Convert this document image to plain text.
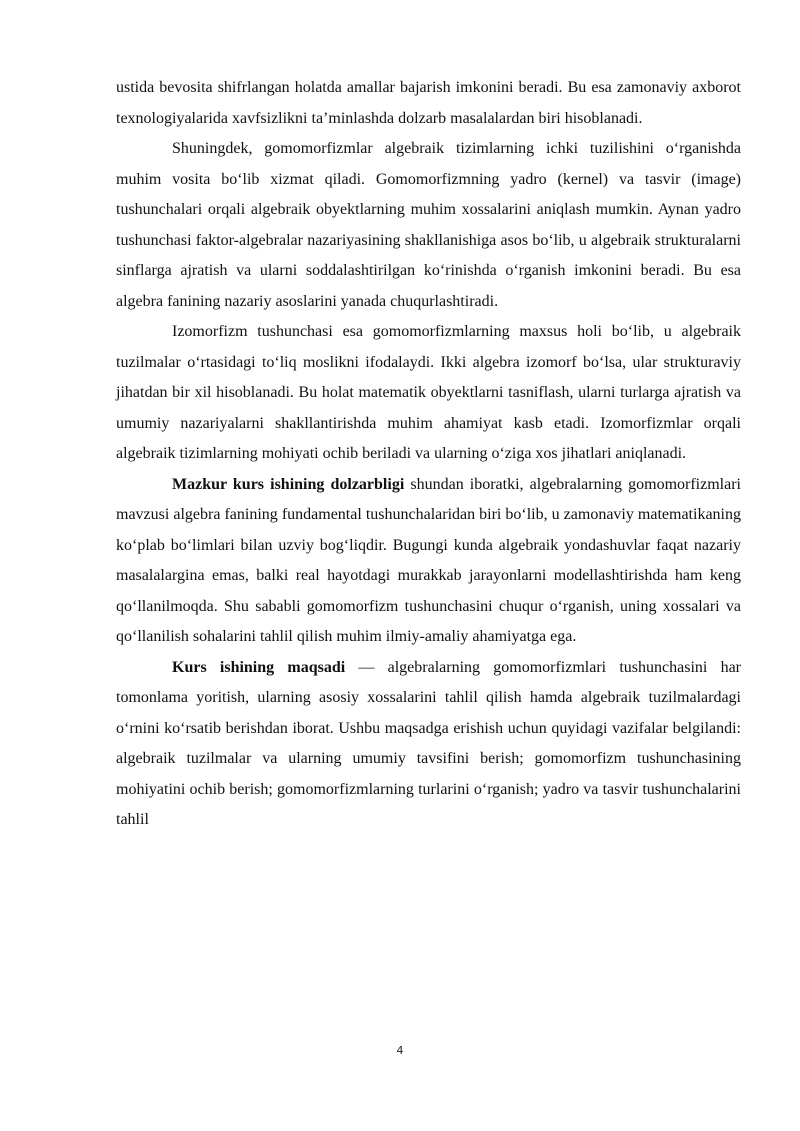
ustida bevosita shifrlangan holatda amallar bajarish imkonini beradi. Bu esa zamonaviy axborot texnologiyalarida xavfsizlikni ta’minlashda dolzarb masalalardan biri hisoblanadi.

Shuningdek, gomomorfizmlar algebraik tizimlarning ichki tuzilishini o‘rganishda muhim vosita bo‘lib xizmat qiladi. Gomomorfizmning yadro (kernel) va tasvir (image) tushunchalari orqali algebraik obyektlarning muhim xossalarini aniqlash mumkin. Aynan yadro tushunchasi faktor-algebralar nazariyasining shakllanishiga asos bo‘lib, u algebraik strukturalarni sinflarga ajratish va ularni soddalashtirilgan ko‘rinishda o‘rganish imkonini beradi. Bu esa algebra fanining nazariy asoslarini yanada chuqurlashtiradi.

Izomorfizm tushunchasi esa gomomorfizmlarning maxsus holi bo‘lib, u algebraik tuzilmalar o‘rtasidagi to‘liq moslikni ifodalaydi. Ikki algebra izomorf bo‘lsa, ular strukturaviy jihatdan bir xil hisoblanadi. Bu holat matematik obyektlarni tasniflash, ularni turlarga ajratish va umumiy nazariyalarni shakllantirishda muhim ahamiyat kasb etadi. Izomorfizmlar orqali algebraik tizimlarning mohiyati ochib beriladi va ularning o‘ziga xos jihatlari aniqlanadi.

Mazkur kurs ishining dolzarbligi shundan iboratki, algebralarning gomomorfizmlari mavzusi algebra fanining fundamental tushunchalaridan biri bo‘lib, u zamonaviy matematikaning ko‘plab bo‘limlari bilan uzviy bog‘liqdir. Bugungi kunda algebraik yondashuvlar faqat nazariy masalalargina emas, balki real hayotdagi murakkab jarayonlarni modellashtirishda ham keng qo‘llanilmoqda. Shu sababli gomomorfizm tushunchasini chuqur o‘rganish, uning xossalari va qo‘llanilish sohalarini tahlil qilish muhim ilmiy-amaliy ahamiyatga ega.

Kurs ishining maqsadi — algebralarning gomomorfizmlari tushunchasini har tomonlama yoritish, ularning asosiy xossalarini tahlil qilish hamda algebraik tuzilmalardagi o‘rnini ko‘rsatib berishdan iborat. Ushbu maqsadga erishish uchun quyidagi vazifalar belgilandi: algebraik tuzilmalar va ularning umumiy tavsifini berish; gomomorfizm tushunchasining mohiyatini ochib berish; gomomorfizmlarning turlarini o‘rganish; yadro va tasvir tushunchalarini tahlil

4
